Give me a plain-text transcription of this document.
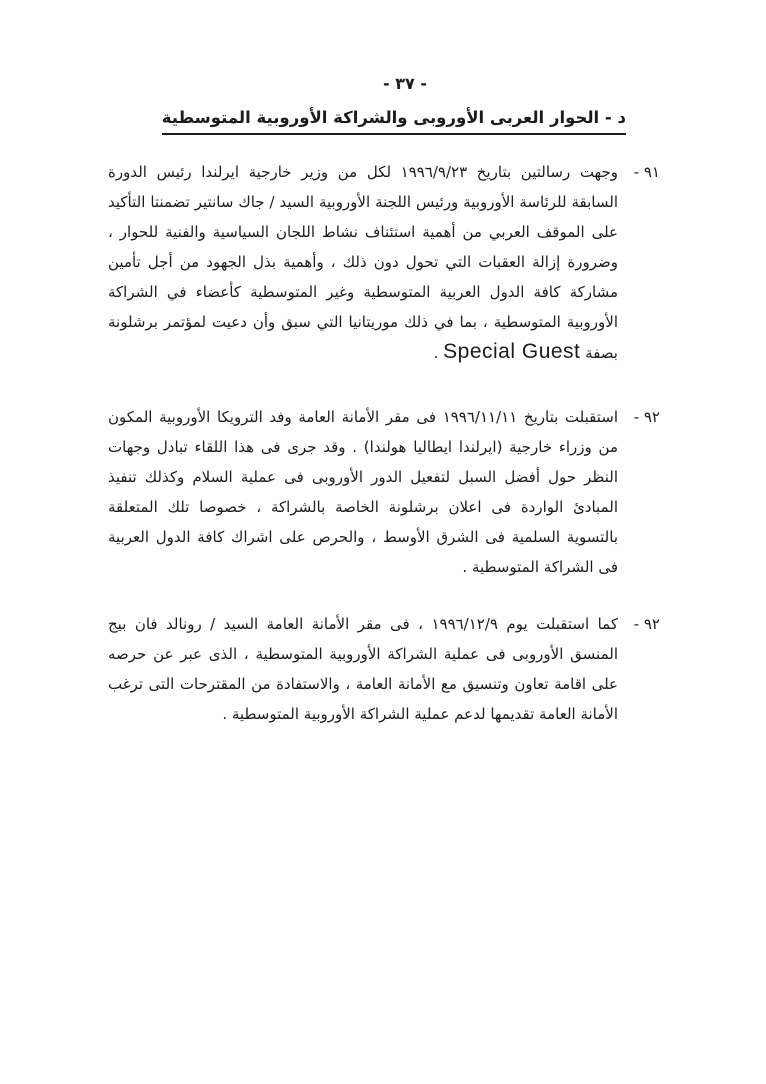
- ٣٧ -
د - الحوار العربى الأوروبى والشراكة الأوروبية المتوسطية
٩١ -
وجهت رسالتين بتاريخ ١٩٩٦/٩/٢٣ لكل من وزير خارجية ايرلندا رئيس الدورة السابقة للرئاسة الأوروبية ورئيس اللجنة الأوروبية السيد / جاك سانتير تضمنتا التأكيد على الموقف العربي من أهمية استئناف نشاط اللجان السياسية والفنية للحوار ، وضرورة إزالة العقبات التي تحول دون ذلك ، وأهمية بذل الجهود من أجل تأمين مشاركة كافة الدول العربية المتوسطية وغير المتوسطية كأعضاء في الشراكة الأوروبية المتوسطية ، بما في ذلك موريتانيا التي سبق وأن دعيت لمؤتمر برشلونة بصفة Special Guest .
٩٢ -
استقبلت بتاريخ ١٩٩٦/١١/١١ فى مقر الأمانة العامة وفد الترويكا الأوروبية المكون من وزراء خارجية (ايرلندا ايطاليا هولندا) . وقد جرى فى هذا اللقاء تبادل وجهات النظر حول أفضل السبل لتفعيل الدور الأوروبى فى عملية السلام وكذلك تنفيذ المبادئ الواردة فى اعلان برشلونة الخاصة بالشراكة ، خصوصا تلك المتعلقة بالتسوية السلمية فى الشرق الأوسط ، والحرص على اشراك كافة الدول العربية فى الشراكة المتوسطية .
٩٢ -
كما استقبلت يوم ١٩٩٦/١٢/٩ ، فى مقر الأمانة العامة السيد / رونالد فان بيج المنسق الأوروبى فى عملية الشراكة الأوروبية المتوسطية ، الذى عبر عن حرصه على اقامة تعاون وتنسيق مع الأمانة العامة ، والاستفادة من المقترحات التى ترغب الأمانة العامة تقديمها لدعم عملية الشراكة الأوروبية المتوسطية .
